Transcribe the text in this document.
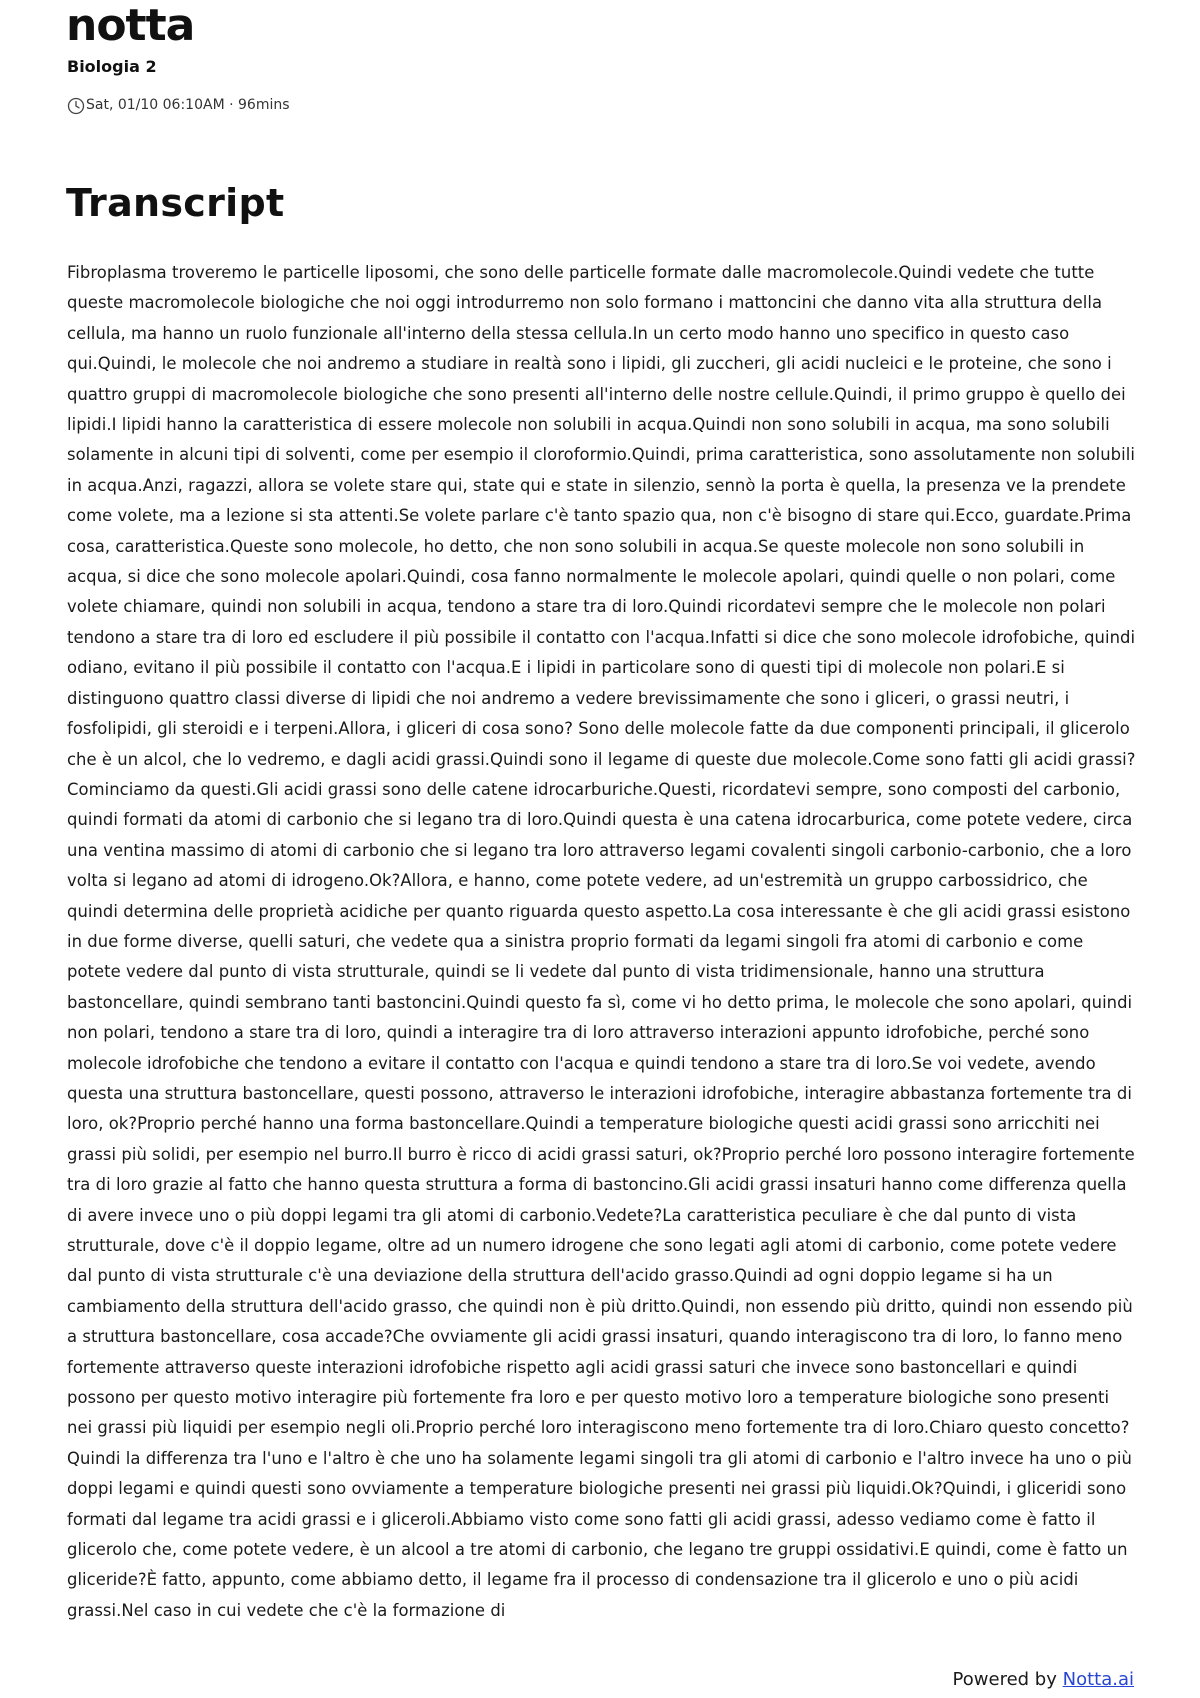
notta
Biologia 2
Sat, 01/10 06:10AM · 96mins
Transcript

Fibroplasma troveremo le particelle liposomi, che sono delle particelle formate dalle macromolecole.Quindi vedete che tutte queste macromolecole biologiche che noi oggi introdurremo non solo formano i mattoncini che danno vita alla struttura della cellula, ma hanno un ruolo funzionale all'interno della stessa cellula.In un certo modo hanno uno specifico in questo caso qui.Quindi, le molecole che noi andremo a studiare in realtà sono i lipidi, gli zuccheri, gli acidi nucleici e le proteine, che sono i quattro gruppi di macromolecole biologiche che sono presenti all'interno delle nostre cellule.Quindi, il primo gruppo è quello dei lipidi.I lipidi hanno la caratteristica di essere molecole non solubili in acqua.Quindi non sono solubili in acqua, ma sono solubili solamente in alcuni tipi di solventi, come per esempio il cloroformio.Quindi, prima caratteristica, sono assolutamente non solubili in acqua.Anzi, ragazzi, allora se volete stare qui, state qui e state in silenzio, sennò la porta è quella, la presenza ve la prendete come volete, ma a lezione si sta attenti.Se volete parlare c'è tanto spazio qua, non c'è bisogno di stare qui.Ecco, guardate.Prima cosa, caratteristica.Queste sono molecole, ho detto, che non sono solubili in acqua.Se queste molecole non sono solubili in acqua, si dice che sono molecole apolari.Quindi, cosa fanno normalmente le molecole apolari, quindi quelle o non polari, come volete chiamare, quindi non solubili in acqua, tendono a stare tra di loro.Quindi ricordatevi sempre che le molecole non polari tendono a stare tra di loro ed escludere il più possibile il contatto con l'acqua.Infatti si dice che sono molecole idrofobiche, quindi odiano, evitano il più possibile il contatto con l'acqua.E i lipidi in particolare sono di questi tipi di molecole non polari.E si distinguono quattro classi diverse di lipidi che noi andremo a vedere brevissimamente che sono i gliceri, o grassi neutri, i fosfolipidi, gli steroidi e i terpeni.Allora, i gliceri di cosa sono? Sono delle molecole fatte da due componenti principali, il glicerolo che è un alcol, che lo vedremo, e dagli acidi grassi.Quindi sono il legame di queste due molecole.Come sono fatti gli acidi grassi?Cominciamo da questi.Gli acidi grassi sono delle catene idrocarburiche.Questi, ricordatevi sempre, sono composti del carbonio, quindi formati da atomi di carbonio che si legano tra di loro.Quindi questa è una catena idrocarburica, come potete vedere, circa una ventina massimo di atomi di carbonio che si legano tra loro attraverso legami covalenti singoli carbonio-carbonio, che a loro volta si legano ad atomi di idrogeno.Ok?Allora, e hanno, come potete vedere, ad un'estremità un gruppo carbossidrico, che quindi determina delle proprietà acidiche per quanto riguarda questo aspetto.La cosa interessante è che gli acidi grassi esistono in due forme diverse, quelli saturi, che vedete qua a sinistra proprio formati da legami singoli fra atomi di carbonio e come potete vedere dal punto di vista strutturale, quindi se li vedete dal punto di vista tridimensionale, hanno una struttura bastoncellare, quindi sembrano tanti bastoncini.Quindi questo fa sì, come vi ho detto prima, le molecole che sono apolari, quindi non polari, tendono a stare tra di loro, quindi a interagire tra di loro attraverso interazioni appunto idrofobiche, perché sono molecole idrofobiche che tendono a evitare il contatto con l'acqua e quindi tendono a stare tra di loro.Se voi vedete, avendo questa una struttura bastoncellare, questi possono, attraverso le interazioni idrofobiche, interagire abbastanza fortemente tra di loro, ok?Proprio perché hanno una forma bastoncellare.Quindi a temperature biologiche questi acidi grassi sono arricchiti nei grassi più solidi, per esempio nel burro.Il burro è ricco di acidi grassi saturi, ok?Proprio perché loro possono interagire fortemente tra di loro grazie al fatto che hanno questa struttura a forma di bastoncino.Gli acidi grassi insaturi hanno come differenza quella di avere invece uno o più doppi legami tra gli atomi di carbonio.Vedete?La caratteristica peculiare è che dal punto di vista strutturale, dove c'è il doppio legame, oltre ad un numero idrogene che sono legati agli atomi di carbonio, come potete vedere dal punto di vista strutturale c'è una deviazione della struttura dell'acido grasso.Quindi ad ogni doppio legame si ha un cambiamento della struttura dell'acido grasso, che quindi non è più dritto.Quindi, non essendo più dritto, quindi non essendo più a struttura bastoncellare, cosa accade?Che ovviamente gli acidi grassi insaturi, quando interagiscono tra di loro, lo fanno meno fortemente attraverso queste interazioni idrofobiche rispetto agli acidi grassi saturi che invece sono bastoncellari e quindi possono per questo motivo interagire più fortemente fra loro e per questo motivo loro a temperature biologiche sono presenti nei grassi più liquidi per esempio negli oli.Proprio perché loro interagiscono meno fortemente tra di loro.Chiaro questo concetto?Quindi la differenza tra l'uno e l'altro è che uno ha solamente legami singoli tra gli atomi di carbonio e l'altro invece ha uno o più doppi legami e quindi questi sono ovviamente a temperature biologiche presenti nei grassi più liquidi.Ok?Quindi, i gliceridi sono formati dal legame tra acidi grassi e i gliceroli.Abbiamo visto come sono fatti gli acidi grassi, adesso vediamo come è fatto il glicerolo che, come potete vedere, è un alcool a tre atomi di carbonio, che legano tre gruppi ossidativi.E quindi, come è fatto un gliceride?È fatto, appunto, come abbiamo detto, il legame fra il processo di condensazione tra il glicerolo e uno o più acidi grassi.Nel caso in cui vedete che c'è la formazione di

Powered by Notta.ai
